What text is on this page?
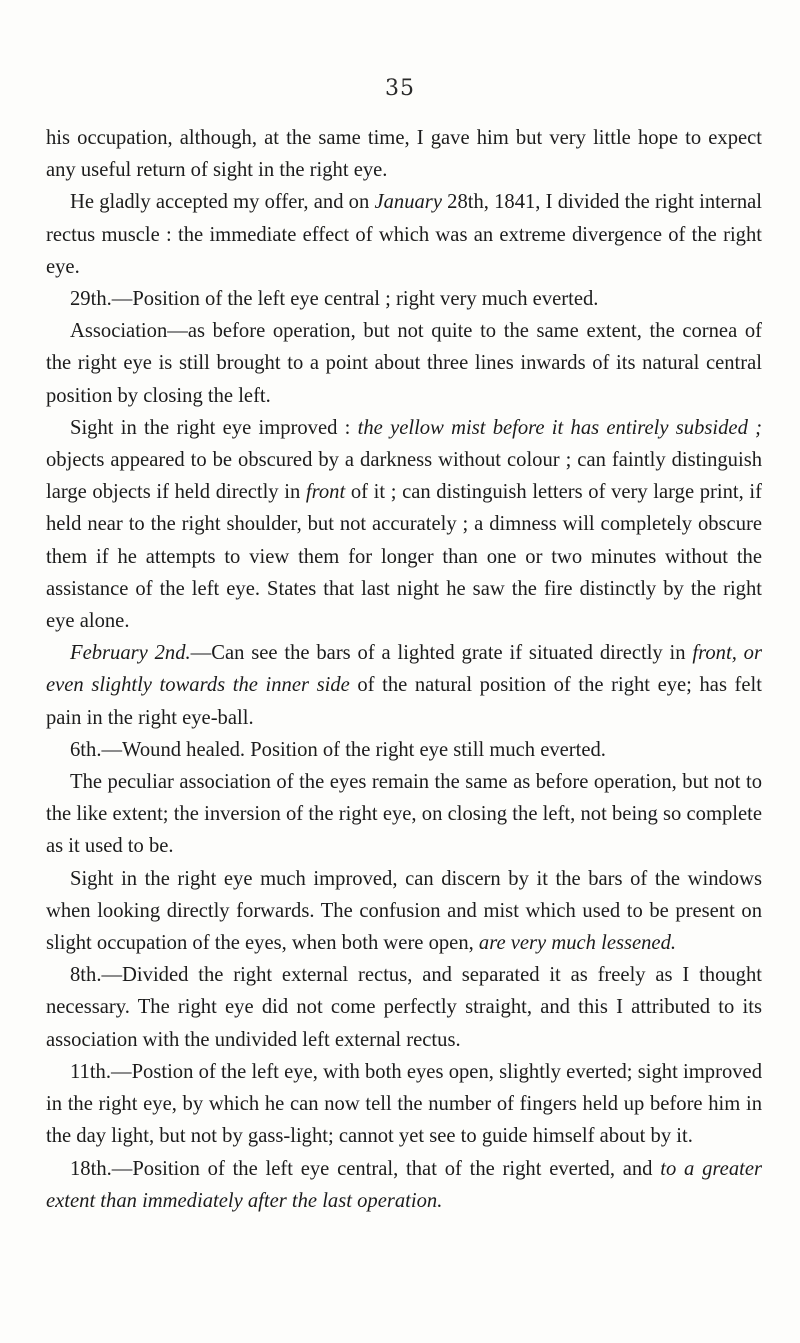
35

his occupation, although, at the same time, I gave him but very little hope to expect any useful return of sight in the right eye.

He gladly accepted my offer, and on January 28th, 1841, I divided the right internal rectus muscle : the immediate effect of which was an extreme divergence of the right eye.

29th.—Position of the left eye central ; right very much everted.

Association—as before operation, but not quite to the same extent, the cornea of the right eye is still brought to a point about three lines inwards of its natural central position by closing the left.

Sight in the right eye improved : the yellow mist before it has entirely subsided ; objects appeared to be obscured by a darkness without colour ; can faintly distinguish large objects if held directly in front of it ; can distinguish letters of very large print, if held near to the right shoulder, but not accurately ; a dimness will completely obscure them if he attempts to view them for longer than one or two minutes without the assistance of the left eye. States that last night he saw the fire distinctly by the right eye alone.

February 2nd.—Can see the bars of a lighted grate if situated directly in front, or even slightly towards the inner side of the natural position of the right eye; has felt pain in the right eye-ball.

6th.—Wound healed. Position of the right eye still much everted.

The peculiar association of the eyes remain the same as before operation, but not to the like extent; the inversion of the right eye, on closing the left, not being so complete as it used to be.

Sight in the right eye much improved, can discern by it the bars of the windows when looking directly forwards. The confusion and mist which used to be present on slight occupation of the eyes, when both were open, are very much lessened.

8th.—Divided the right external rectus, and separated it as freely as I thought necessary. The right eye did not come perfectly straight, and this I attributed to its association with the undivided left external rectus.

11th.—Postion of the left eye, with both eyes open, slightly everted; sight improved in the right eye, by which he can now tell the number of fingers held up before him in the day light, but not by gass-light; cannot yet see to guide himself about by it.

18th.—Position of the left eye central, that of the right everted, and to a greater extent than immediately after the last operation.
